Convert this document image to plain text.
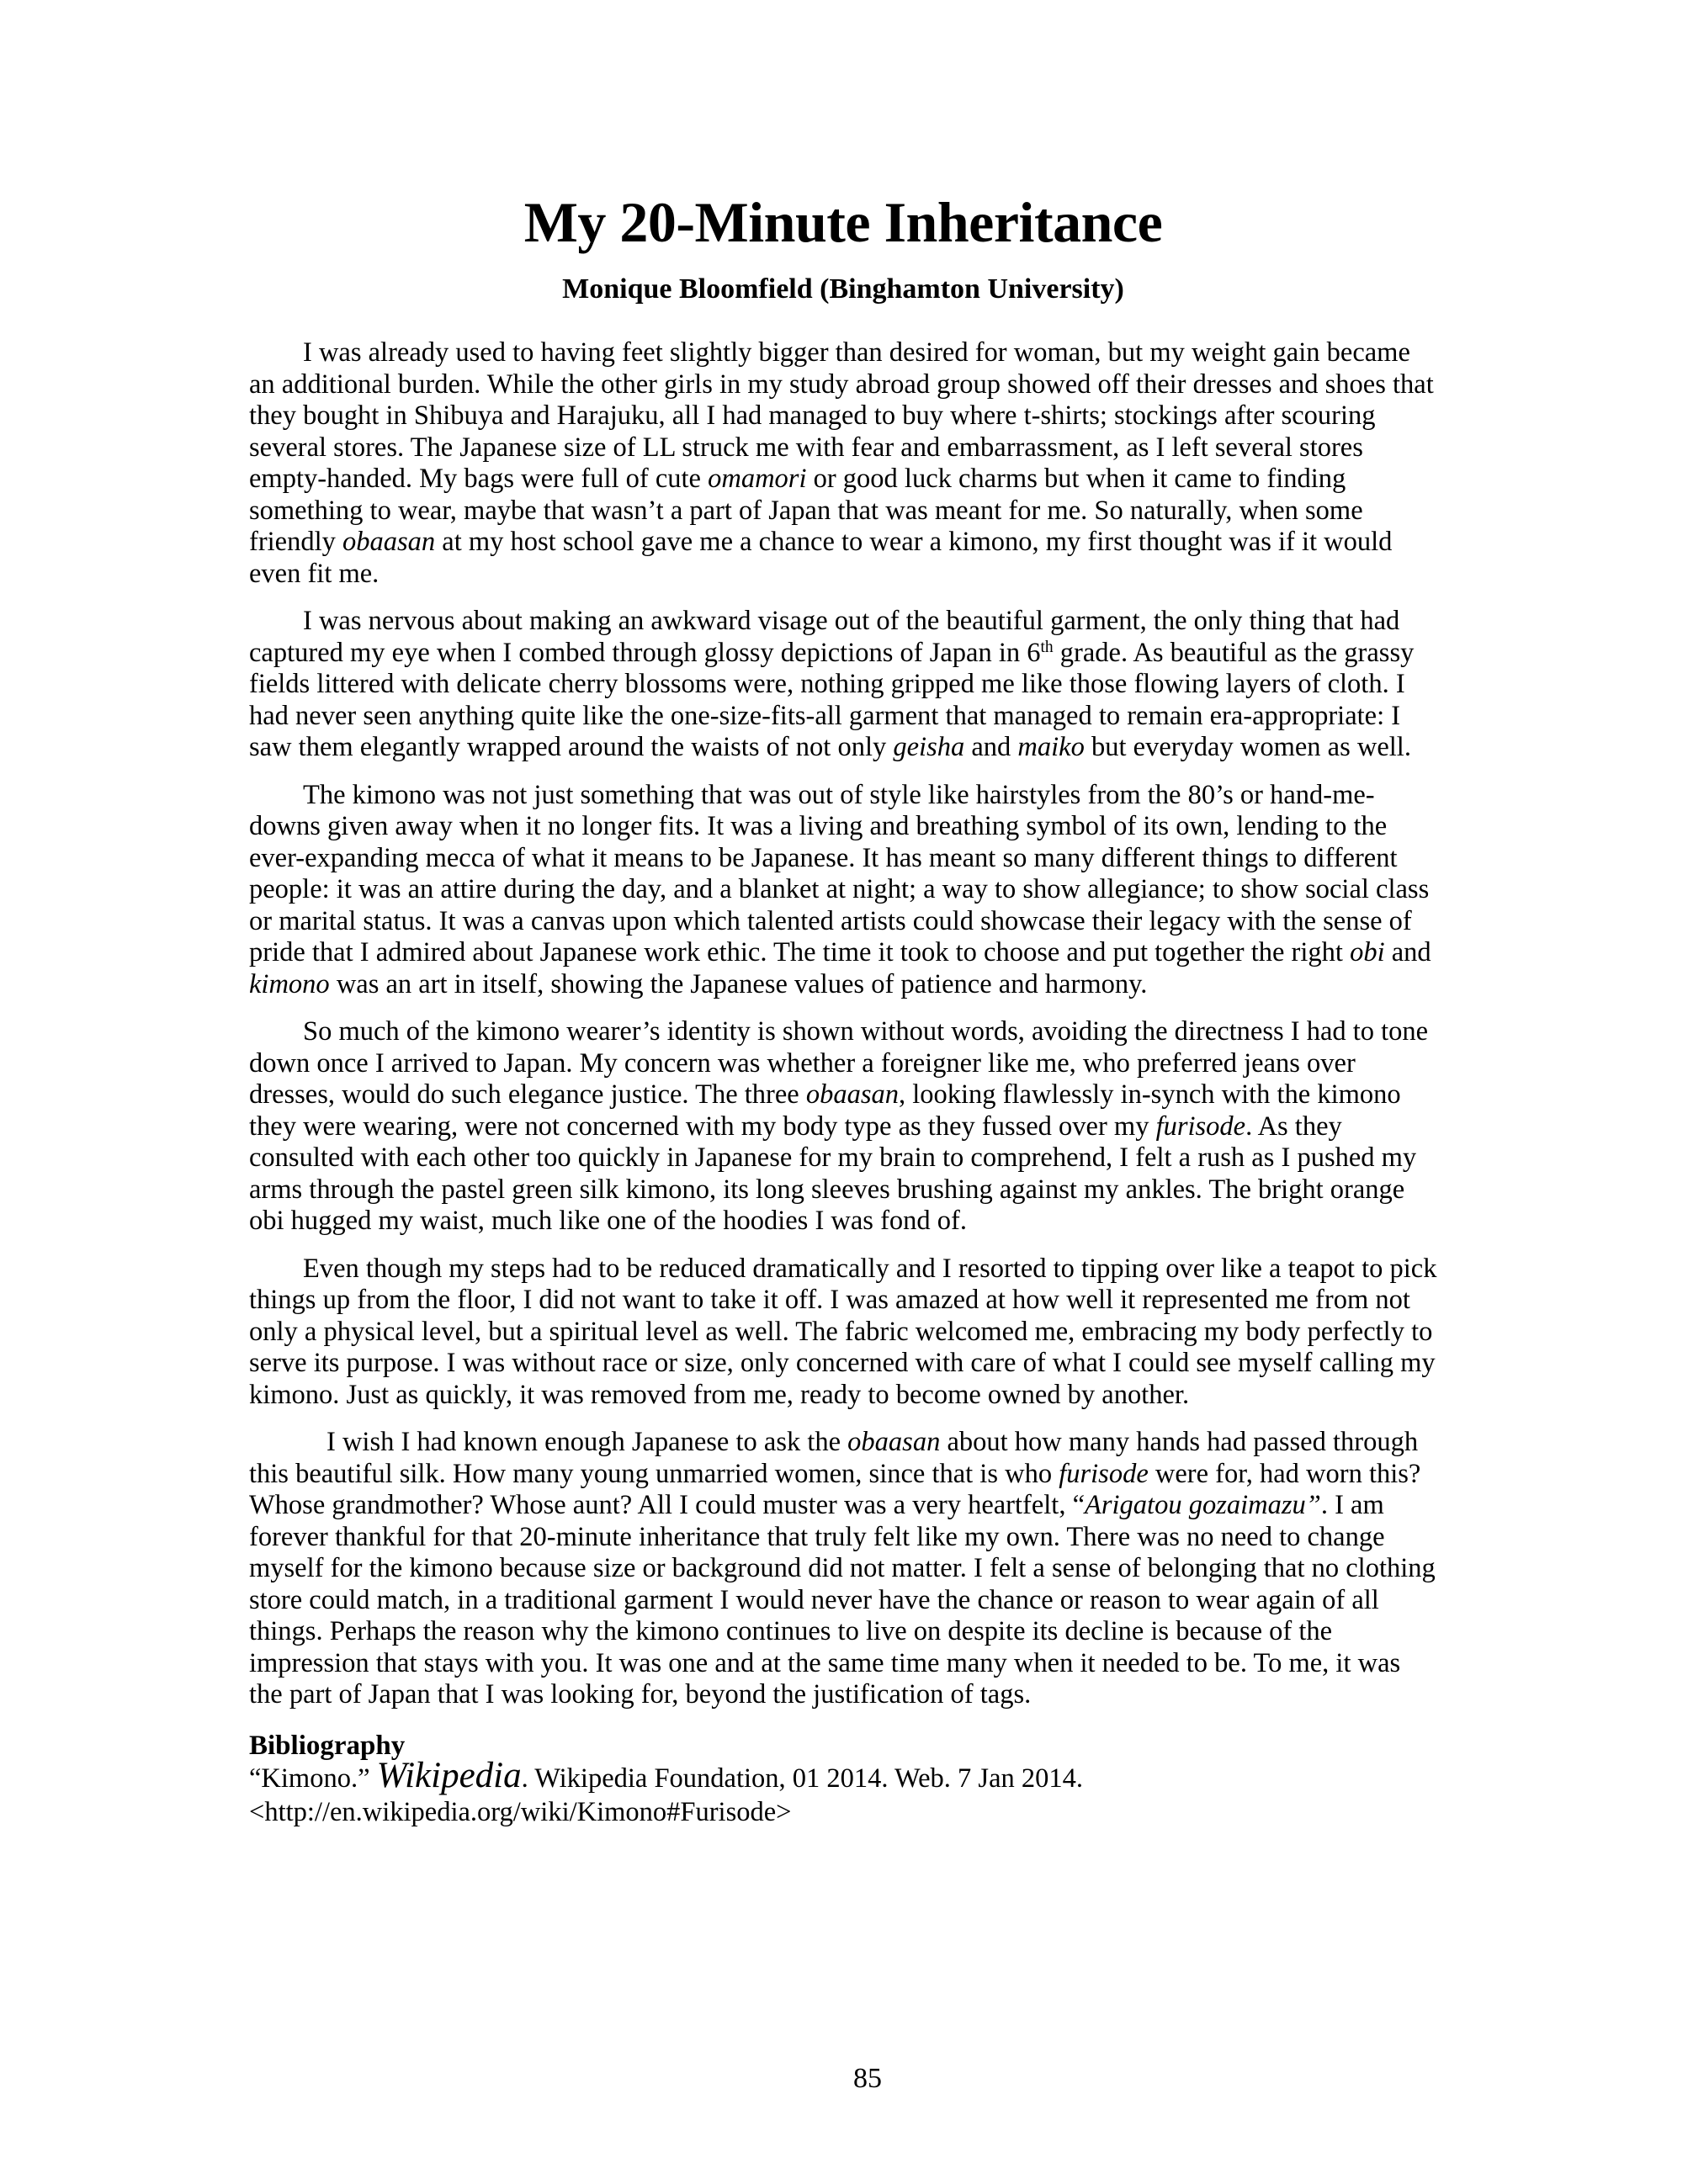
My 20-Minute Inheritance
Monique Bloomfield (Binghamton University)

I was already used to having feet slightly bigger than desired for woman, but my weight gain became an additional burden. While the other girls in my study abroad group showed off their dresses and shoes that they bought in Shibuya and Harajuku, all I had managed to buy where t-shirts; stockings after scouring several stores. The Japanese size of LL struck me with fear and embarrassment, as I left several stores empty-handed. My bags were full of cute omamori or good luck charms but when it came to finding something to wear, maybe that wasn’t a part of Japan that was meant for me. So naturally, when some friendly obaasan at my host school gave me a chance to wear a kimono, my first thought was if it would even fit me.

I was nervous about making an awkward visage out of the beautiful garment, the only thing that had captured my eye when I combed through glossy depictions of Japan in 6th grade. As beautiful as the grassy fields littered with delicate cherry blossoms were, nothing gripped me like those flowing layers of cloth. I had never seen anything quite like the one-size-fits-all garment that managed to remain era-appropriate: I saw them elegantly wrapped around the waists of not only geisha and maiko but everyday women as well.

The kimono was not just something that was out of style like hairstyles from the 80’s or hand-me-downs given away when it no longer fits. It was a living and breathing symbol of its own, lending to the ever-expanding mecca of what it means to be Japanese. It has meant so many different things to different people: it was an attire during the day, and a blanket at night; a way to show allegiance; to show social class or marital status. It was a canvas upon which talented artists could showcase their legacy with the sense of pride that I admired about Japanese work ethic. The time it took to choose and put together the right obi and kimono was an art in itself, showing the Japanese values of patience and harmony.

So much of the kimono wearer’s identity is shown without words, avoiding the directness I had to tone down once I arrived to Japan. My concern was whether a foreigner like me, who preferred jeans over dresses, would do such elegance justice. The three obaasan, looking flawlessly in-synch with the kimono they were wearing, were not concerned with my body type as they fussed over my furisode. As they consulted with each other too quickly in Japanese for my brain to comprehend, I felt a rush as I pushed my arms through the pastel green silk kimono, its long sleeves brushing against my ankles. The bright orange obi hugged my waist, much like one of the hoodies I was fond of.

Even though my steps had to be reduced dramatically and I resorted to tipping over like a teapot to pick things up from the floor, I did not want to take it off. I was amazed at how well it represented me from not only a physical level, but a spiritual level as well. The fabric welcomed me, embracing my body perfectly to serve its purpose. I was without race or size, only concerned with care of what I could see myself calling my kimono. Just as quickly, it was removed from me, ready to become owned by another.

I wish I had known enough Japanese to ask the obaasan about how many hands had passed through this beautiful silk. How many young unmarried women, since that is who furisode were for, had worn this? Whose grandmother? Whose aunt? All I could muster was a very heartfelt, “Arigatou gozaimazu”. I am forever thankful for that 20-minute inheritance that truly felt like my own. There was no need to change myself for the kimono because size or background did not matter. I felt a sense of belonging that no clothing store could match, in a traditional garment I would never have the chance or reason to wear again of all things. Perhaps the reason why the kimono continues to live on despite its decline is because of the impression that stays with you. It was one and at the same time many when it needed to be. To me, it was the part of Japan that I was looking for, beyond the justification of tags.

Bibliography
“Kimono.” Wikipedia. Wikipedia Foundation, 01 2014. Web. 7 Jan 2014.
<http://en.wikipedia.org/wiki/Kimono#Furisode>
85
